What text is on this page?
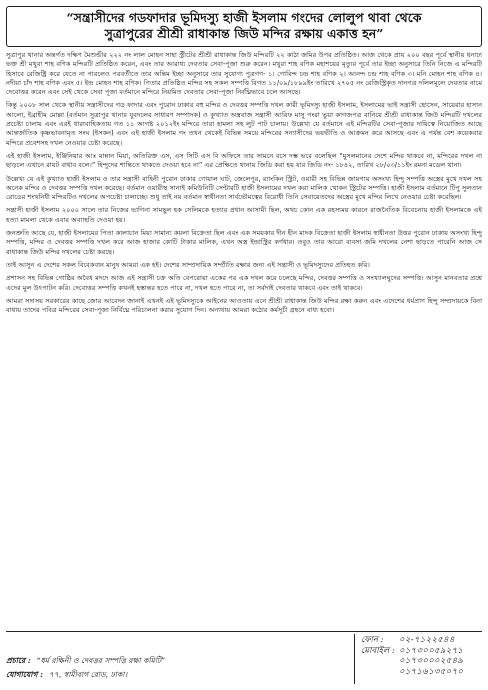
“সন্ত্রাসীদের গডফাদার ভূমিদস্যু হাজী ইসলাম গংদের লোলুপ থাবা থেকে

সুত্রাপুরের শ্রীশ্রী রাধাকান্ত জিউ মন্দির রক্ষায় একাত্ত হন”

সুত্রাপুর থানার অন্তর্গত দক্ষিণ মৈশুন্ডীর ২২২ নং লাল মোহন সাহা স্ট্রীটের শ্রীশ্রী রাধাকান্ত জিউ মন্দিরটি ২২ কাঠা জমির উপর প্রতিষ্ঠিত। আজ থেকে প্রায় ২০০ বছর পূর্বে স্থানীয় ধনাঢ্য ভক্ত শ্রী মথুরা শাহ বণিক মন্দিরটি প্রতিষ্ঠিত করেন, এবং তার আরাধ্য দেবতার সেবা-পূজা শুরু করেন। মথুরা শাহ বণিক মহাশয়ের মৃত্যুর পূর্বে তার ইচ্ছা অনুসারে তিনি নিজে এ মন্দিরটি হিসাবে রেজিষ্ট্রি করে যেতে না পারলেও পরবর্তীতে তার অন্তিম ইচ্ছা অনুসারে তার সুযোগ্য পুত্রগণ- ১। গোবিন্দ চন্দ্র শাহ বণিক ২। আনন্দ চন্দ্র শাহ বণিক ৩। মনি মোহন শাহ বণিক ৪। নদীয়া চাঁদ শাহ বণিক এবং ৫। ইন্দ্র মোহন শাহ বণিক। পিতার প্রতিষ্ঠিত মন্দির সহ সকল সম্পত্তি বিগত ১১/০৯/১৮৯৯ইং তারিখে ২৭০৫ নং রেজিস্ট্রিকৃত দানপত্র দলিলমূলে দেবতার নামে দেবোত্তর করেন এবং সেই থেকে সেবা পূজা বর্তমানে মন্দিরে নিয়মিত দেবতার সেবা-পূজা নির্বঘ্নিভাবে চলে আসছে।

কিন্তু ২০০৮ সাল থেকে স্থানীয় সন্ত্রাসীদের গড ফাদার এবং পুরোন ঢাকার বহু মন্দির ও দেবত্তর সম্পত্তি দখল কারী ভূমিদস্যু হাজী ইসলাম, ইসলামের ভাই সন্ত্রাসী হোসেন, সায়েরার হাসান আলো, ইব্রাহীম মোল্লা (বর্তমান সুত্রাপুর থানার যুবদলের সাধারণ সম্পাদক) ও কুখ্যাত অস্ত্রবাজ সন্ত্রাসী আরিফ মাসু গংরা ভুয়া কাগজপত্র বানিয়ে শ্রীশ্রী রাধাকান্ত জিউ মন্দিরটি দখলের প্রচেষ্টা চালায় এবং এরই ধারাবাহিকতায় গত ১১ আগষ্ট ২০১২ইং মন্দিরে তারা হামলা সহ লুট পাট চালায়। উল্লেখ্য যে বর্তমানে এই মন্দিরটির সেবা-পূজার দায়িত্বে নিয়োজিত আছে আন্তর্জাতিক কৃষ্ণভাবনামৃত সংঘ (ইসকন) এবং এই হাজী ইসলাম গং তখন থেকেই বিভিন্ন সময়ে মন্দিরের সন্যাসীদের ভয়ভীতি ও আক্রমন করে আসছে এবং এ পর্যন্ত বেশ কয়েকবার মন্দিরে প্রবেশসহ দখল নেওয়ার চেষ্টা করেছে।

এই হাজী ইসলাম, ইঞ্জিনিয়ার আঃ মান্নান মিয়া, অতিরিক্ত এস, এস সিটি এস বি অফিসে তার সামনে বসে দম্ভ ভরে বলেছিল “মুসলমানের দেশে মন্দির থাকবে না, মন্দিরের দখল না ছাড়লে এখানে রায়ট বাধাব বলে।” হিন্দুদের শান্তিতে থাকতে দেওয়া হবে না” এর প্রেক্ষিতে থানায় জিডি করা হয় যার জিডি নং- ১৮৪২, তারিখ ২৮/০৩/১১ইং রমনা মডেল থানা।

উল্লেখ্য যে এই কুখ্যাত হাজী ইসলাম ও তার সন্ত্রাসী বাহিনী পুরোন ঢাকার গোয়াল ঘাট, জেলেপুর, র‍্যাংকিন স্ট্রিট, ওয়ারী সহ বিভিন্ন জায়গায় অসংখ্য হিন্দু সম্পত্তি অস্ত্রের মুখে দখল সহ অনেক মন্দির ও দেবত্তর সম্পত্তি দখল করেছে। বর্তমান ওয়ারীস্থ সানাই কমিউনিটি সেন্টারটি হাজী ইসলামের দখল করা মালিক খোকন স্ট্রিটের সম্পত্তি। হাজী ইসলাম বর্তমানে টিপু সুলতান রোডের শংখনিধী মন্দিরটিও দখলের অপচেষ্টা চালাচ্ছে। শুধু তাই নয় বর্তমান স্বাধীনতা সার্বভৌমত্বের বিরোধী তিনি সেবায়েতদের অস্ত্রের মুখে মন্দির লিখে নেওয়ার চেষ্টা করেছিল।

সন্ত্রাসী হাজী ইসলাম ২০০০ সালে তার নিজের ভাগিনা সামছুল হক সেলিমকে হত্যার প্রধান আসামী ছিল, অথচ কোন এক রহস্যময় কারনে রাজনৈতিক বিবেচনায় হাজী ইসলামকে এই হত্যা মামলা থেকে এবার অব্যাহতি দেওয়া হয়।

জনশ্রুতি আছে যে, হাজী ইসলামের পিতা কালাচান মিয়া সামান্য কয়লা বিক্রেতা ছিল এবং এক সময়কার দীন হীন মাদক বিক্রেতা হাজী ইসলাম স্বাধীনতা উত্তর পুরোন ঢাকায় অসংখ্য হিন্দু সম্পত্তি, মন্দির ও দেবত্তর সম্পত্তি দখল করে আজ হাজার কোটি টাকার মালিক, এখন অস্ত্র ইন্ডাস্ট্রির কর্ণধার। তবুও তার আরো ব্যবসা জমি দখলের নেশা ছাড়তে পারেনি আজ সে রাধাকান্ত জিউ মন্দির দখলের চেষ্টা করছে।

তাই আসুন এ দেশের সকল বিবেকবান মানুষ আমরা এক হই। দেশের সাম্প্রদায়িক সম্প্রীতি রক্ষার জন্য এই সন্ত্রাসী ও ভূমিদস্যুদের প্রতিহত করি।

প্রশাসন সহ বিভিন্ন গোষ্ঠির অবৈধ মদদে আজ এই সন্ত্রাসী চক্র অতি বেপরোয়া একের পর এক দখল করে চলেছে মন্দির, দেবত্তর সম্পত্তি ও সংখ্যালঘুদের সম্পত্তি। আসুন মানবতার প্রশ্নে এদের মুল উৎপাটন করি। দেবোত্তর সম্পত্তি কখনই হস্তান্তর হতে পারে না, দখল হতে পারে না, তা সর্বদাই দেবতার থাকবে এবং তাই থাকবে।

আমরা সদাসয় সরকারের কাছে জোর আবেদন জানাই এখনই এই ভূমিদস্যুকে আইনের আওতায় এনে শ্রীশ্রী রাধাকান্ত জিউ মন্দির রক্ষা করুন এবং এদেশের ধর্মপ্রাণ হিন্দু সম্প্রদায়কে বিনা বাধায় তাদের পবিত্র মন্দিরের সেবা-পূজা নির্বিঘ্নে পরিচালনা করার সুযোগ দিন। অন্যথায় আমরা কঠোর কর্মসূচী গ্রহনে বাধ্য হবো।

প্রচারে : “ধর্ম রক্ষিনী ও দেবত্তর সম্পত্তি রক্ষা কমিটি”
যোগাযোগ : ৭৭, স্বামীবাগ রোড, ঢাকা।
ফোন :	০২-৭১২২৫৪৪
মোবাইল : ০১৭৩০০৫৯২৭১
০১৭৩০০০২৫৪৯
০১৭১৬১৩৫০৭০
